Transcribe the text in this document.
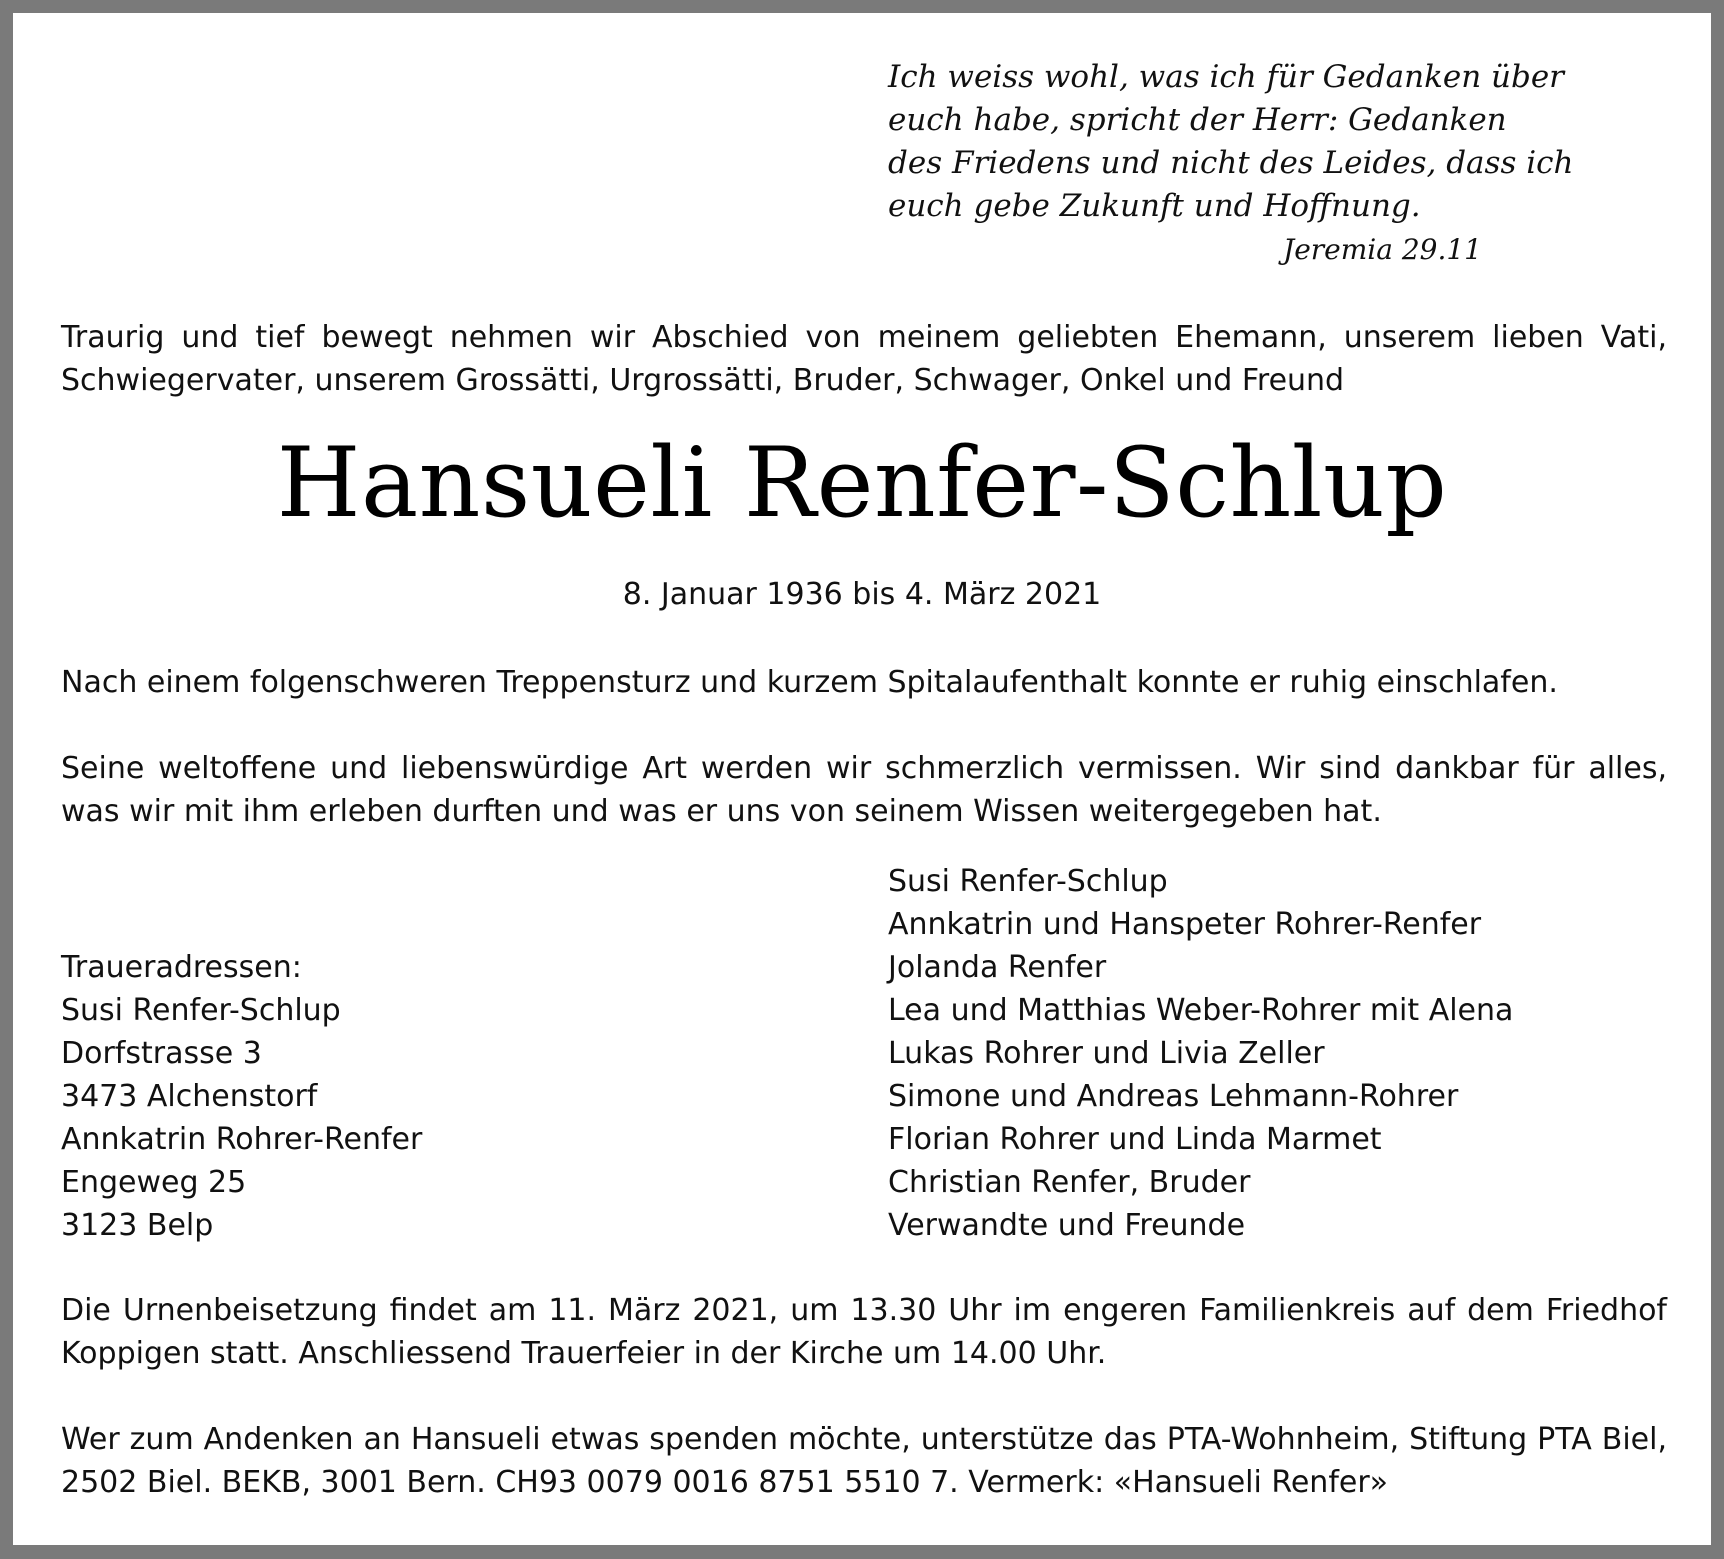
Ich weiss wohl, was ich für Gedanken über
euch habe, spricht der Herr: Gedanken
des Friedens und nicht des Leides, dass ich
euch gebe Zukunft und Hoffnung.
Jeremia 29.11
Traurig und tief bewegt nehmen wir Abschied von meinem geliebten Ehemann, unserem lieben Vati, Schwiegervater, unserem Grossätti, Urgrossätti, Bruder, Schwager, Onkel und Freund
Hansueli Renfer-Schlup
8. Januar 1936 bis 4. März 2021
Nach einem folgenschweren Treppensturz und kurzem Spitalaufenthalt konnte er ruhig einschlafen.
Seine weltoffene und liebenswürdige Art werden wir schmerzlich vermissen. Wir sind dankbar für alles, was wir mit ihm erleben durften und was er uns von seinem Wissen weitergegeben hat.
Traueradressen:
Susi Renfer-Schlup
Dorfstrasse 3
3473 Alchenstorf
Annkatrin Rohrer-Renfer
Engeweg 25
3123 Belp
Susi Renfer-Schlup
Annkatrin und Hanspeter Rohrer-Renfer
Jolanda Renfer
Lea und Matthias Weber-Rohrer mit Alena
Lukas Rohrer und Livia Zeller
Simone und Andreas Lehmann-Rohrer
Florian Rohrer und Linda Marmet
Christian Renfer, Bruder
Verwandte und Freunde
Die Urnenbeisetzung findet am 11. März 2021, um 13.30 Uhr im engeren Familienkreis auf dem Friedhof Koppigen statt. Anschliessend Trauerfeier in der Kirche um 14.00 Uhr.
Wer zum Andenken an Hansueli etwas spenden möchte, unterstütze das PTA-Wohnheim, Stiftung PTA Biel, 2502 Biel. BEKB, 3001 Bern. CH93 0079 0016 8751 5510 7. Vermerk: «Hansueli Renfer»
